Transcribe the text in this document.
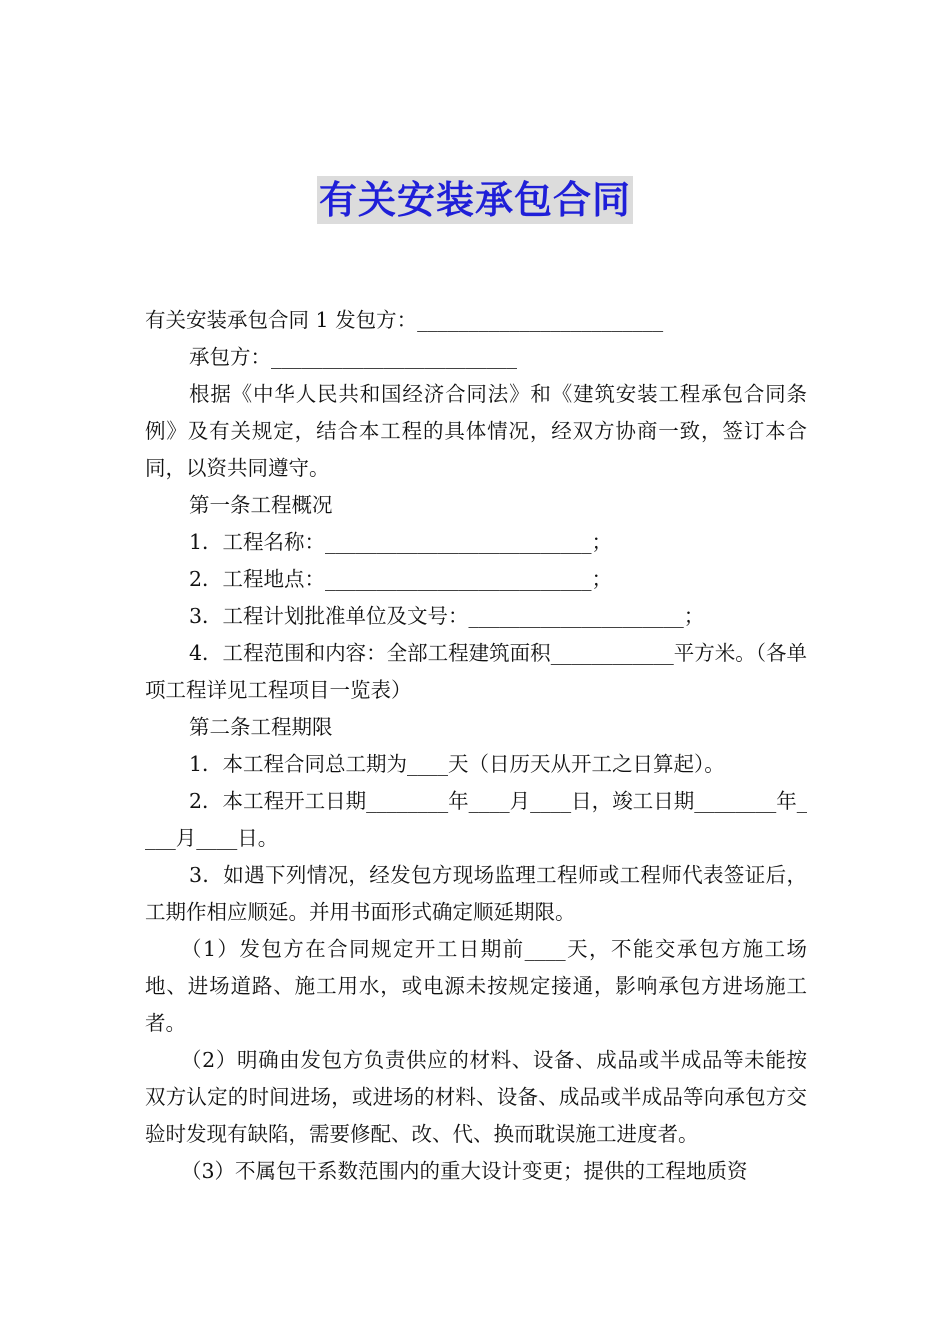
有关安装承包合同
有关安装承包合同 1 发包方：________________________
承包方：________________________
根据《中华人民共和国经济合同法》和《建筑安装工程承包合同条例》及有关规定，结合本工程的具体情况，经双方协商一致，签订本合同，以资共同遵守。
第一条工程概况
1．工程名称：__________________________；
2．工程地点：__________________________；
3．工程计划批准单位及文号：_____________________；
4．工程范围和内容：全部工程建筑面积____________平方米。（各单项工程详见工程项目一览表）
第二条工程期限
1．本工程合同总工期为____天（日历天从开工之日算起）。
2．本工程开工日期________年____月____日，竣工日期________年____月____日。
3．如遇下列情况，经发包方现场监理工程师或工程师代表签证后，工期作相应顺延。并用书面形式确定顺延期限。
（1）发包方在合同规定开工日期前____天，不能交承包方施工场地、进场道路、施工用水，或电源未按规定接通，影响承包方进场施工者。
（2）明确由发包方负责供应的材料、设备、成品或半成品等未能按双方认定的时间进场，或进场的材料、设备、成品或半成品等向承包方交验时发现有缺陷，需要修配、改、代、换而耽误施工进度者。
（3）不属包干系数范围内的重大设计变更；提供的工程地质资
